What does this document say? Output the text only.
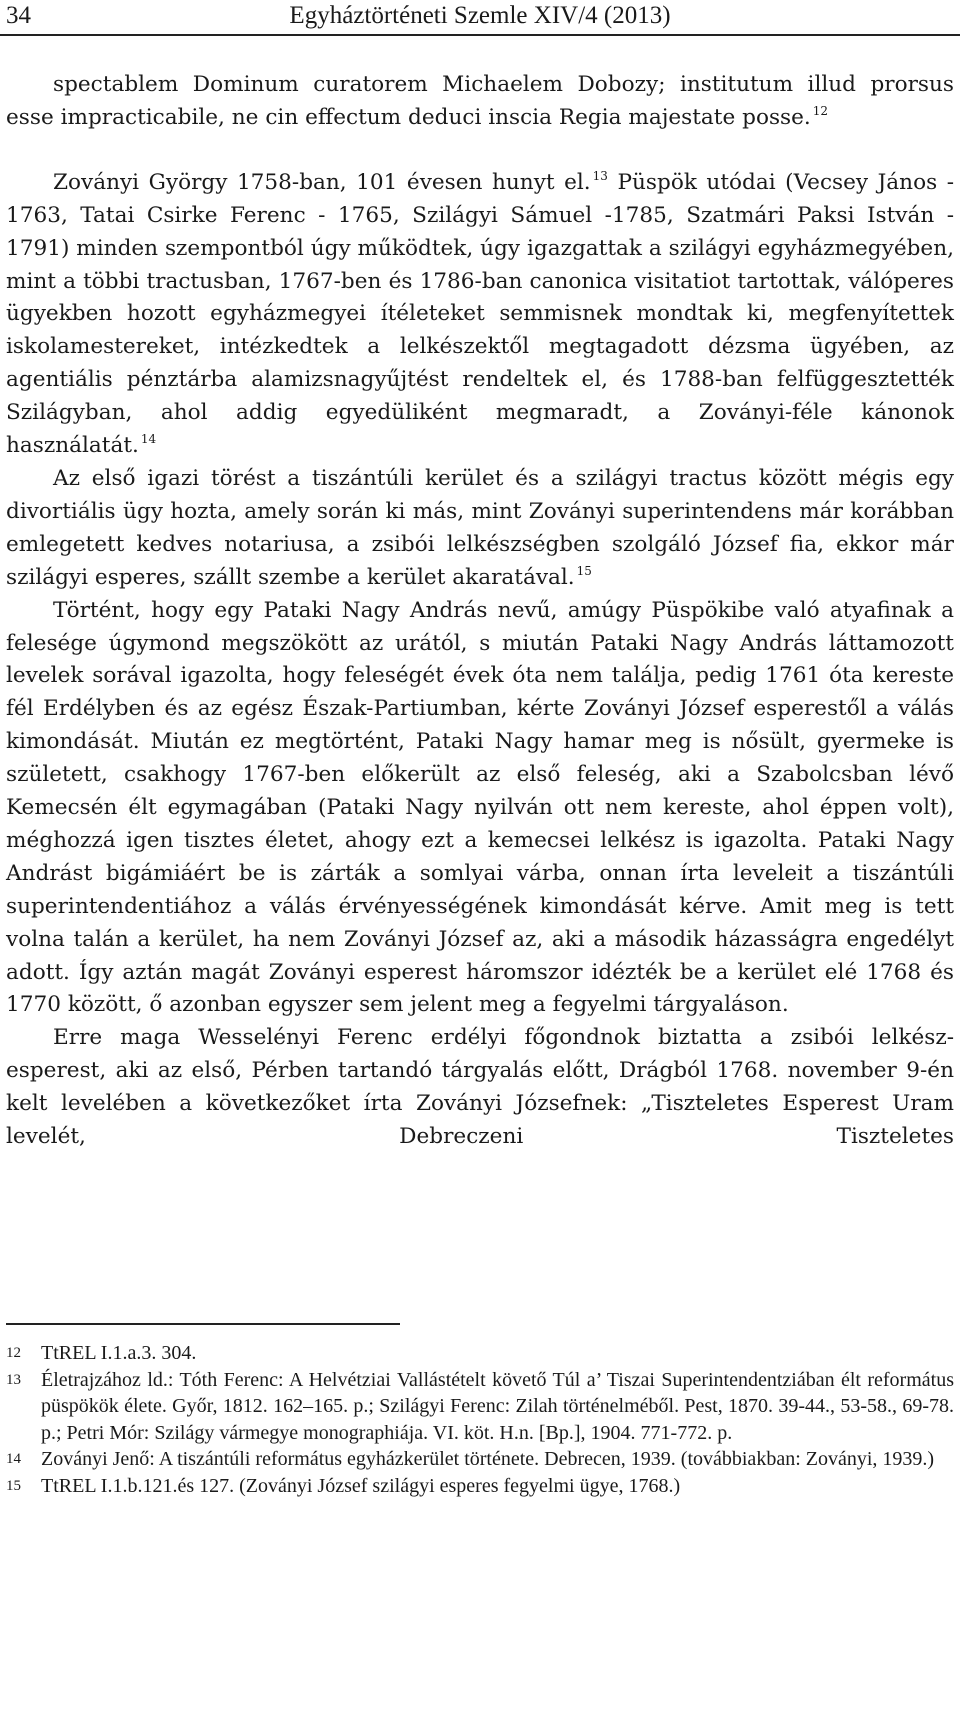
34	Egyháztörténeti Szemle XIV/4 (2013)

spectablem Dominum curatorem Michaelem Dobozy; institutum illud prorsus esse impracticabile, ne cin effectum deduci inscia Regia majestate posse. $^{12}$

Zoványi György 1758-ban, 101 évesen hunyt el. $^{13}$ Püspök utódai (Vecsey János - 1763, Tatai Csirke Ferenc - 1765, Szilágyi Sámuel -1785, Szatmári Paksi István - 1791) minden szempontból úgy működtek, úgy igazgattak a szilágyi egyházmegyében, mint a többi tractusban, 1767-ben és 1786-ban canonica visitatiot tartottak, válóperes ügyekben hozott egyházmegyei ítéleteket semmisnek mondtak ki, megfenyítettek iskolamestereket, intézkedtek a lelkészektől megtagadott dézsma ügyében, az agentiális pénztárba alamizsnagyűjtést rendeltek el, és 1788-ban felfüggesztették Szilágyban, ahol addig egyedüliként megmaradt, a Zoványi-féle kánonok használatát. $^{14}$

Az első igazi törést a tiszántúli kerület és a szilágyi tractus között mégis egy divortiális ügy hozta, amely során ki más, mint Zoványi superintendens már korábban emlegetett kedves notariusa, a zsibói lelkészségben szolgáló József fia, ekkor már szilágyi esperes, szállt szembe a kerület akaratával. $^{15}$

Történt, hogy egy Pataki Nagy András nevű, amúgy Püspökibe való atyafinak a felesége úgymond megszökött az urától, s miután Pataki Nagy András láttamozott levelek sorával igazolta, hogy feleségét évek óta nem találja, pedig 1761 óta kereste fél Erdélyben és az egész Észak-Partiumban, kérte Zoványi József esperestől a válás kimondását. Miután ez megtörtént, Pataki Nagy hamar meg is nősült, gyermeke is született, csakhogy 1767-ben előkerült az első feleség, aki a Szabolcsban lévő Kemecsén élt egymagában (Pataki Nagy nyilván ott nem kereste, ahol éppen volt), méghozzá igen tisztes életet, ahogy ezt a kemecsei lelkész is igazolta. Pataki Nagy Andrást bigámiáért be is zárták a somlyai várba, onnan írta leveleit a tiszántúli superintendentiához a válás érvényességének kimondását kérve. Amit meg is tett volna talán a kerület, ha nem Zoványi József az, aki a második házasságra engedélyt adott. Így aztán magát Zoványi esperest háromszor idézték be a kerület elé 1768 és 1770 között, ő azonban egyszer sem jelent meg a fegyelmi tárgyaláson.

Erre maga Wesselényi Ferenc erdélyi főgondnok biztatta a zsibói lelkész-esperest, aki az első, Pérben tartandó tárgyalás előtt, Drágból 1768. november 9-én kelt levelében a következőket írta Zoványi Józsefnek: „Tiszteletes Esperest Uram levelét, Debreczeni Tiszteletes

12 TtREL I.1.a.3. 304.
13 Életrajzához ld.: Tóth Ferenc: A Helvétziai Vallástételt követő Túl a’ Tiszai Superintendentziában élt református püspökök élete. Győr, 1812. 162–165. p.; Szilágyi Ferenc: Zilah történelméből. Pest, 1870. 39-44., 53-58., 69-78. p.; Petri Mór: Szilágy vármegye monographiája. VI. köt. H.n. [Bp.], 1904. 771-772. p.
14 Zoványi Jenő: A tiszántúli református egyházkerület története. Debrecen, 1939. (továbbiakban: Zoványi, 1939.)
15 TtREL I.1.b.121.és 127. (Zoványi József szilágyi esperes fegyelmi ügye, 1768.)
